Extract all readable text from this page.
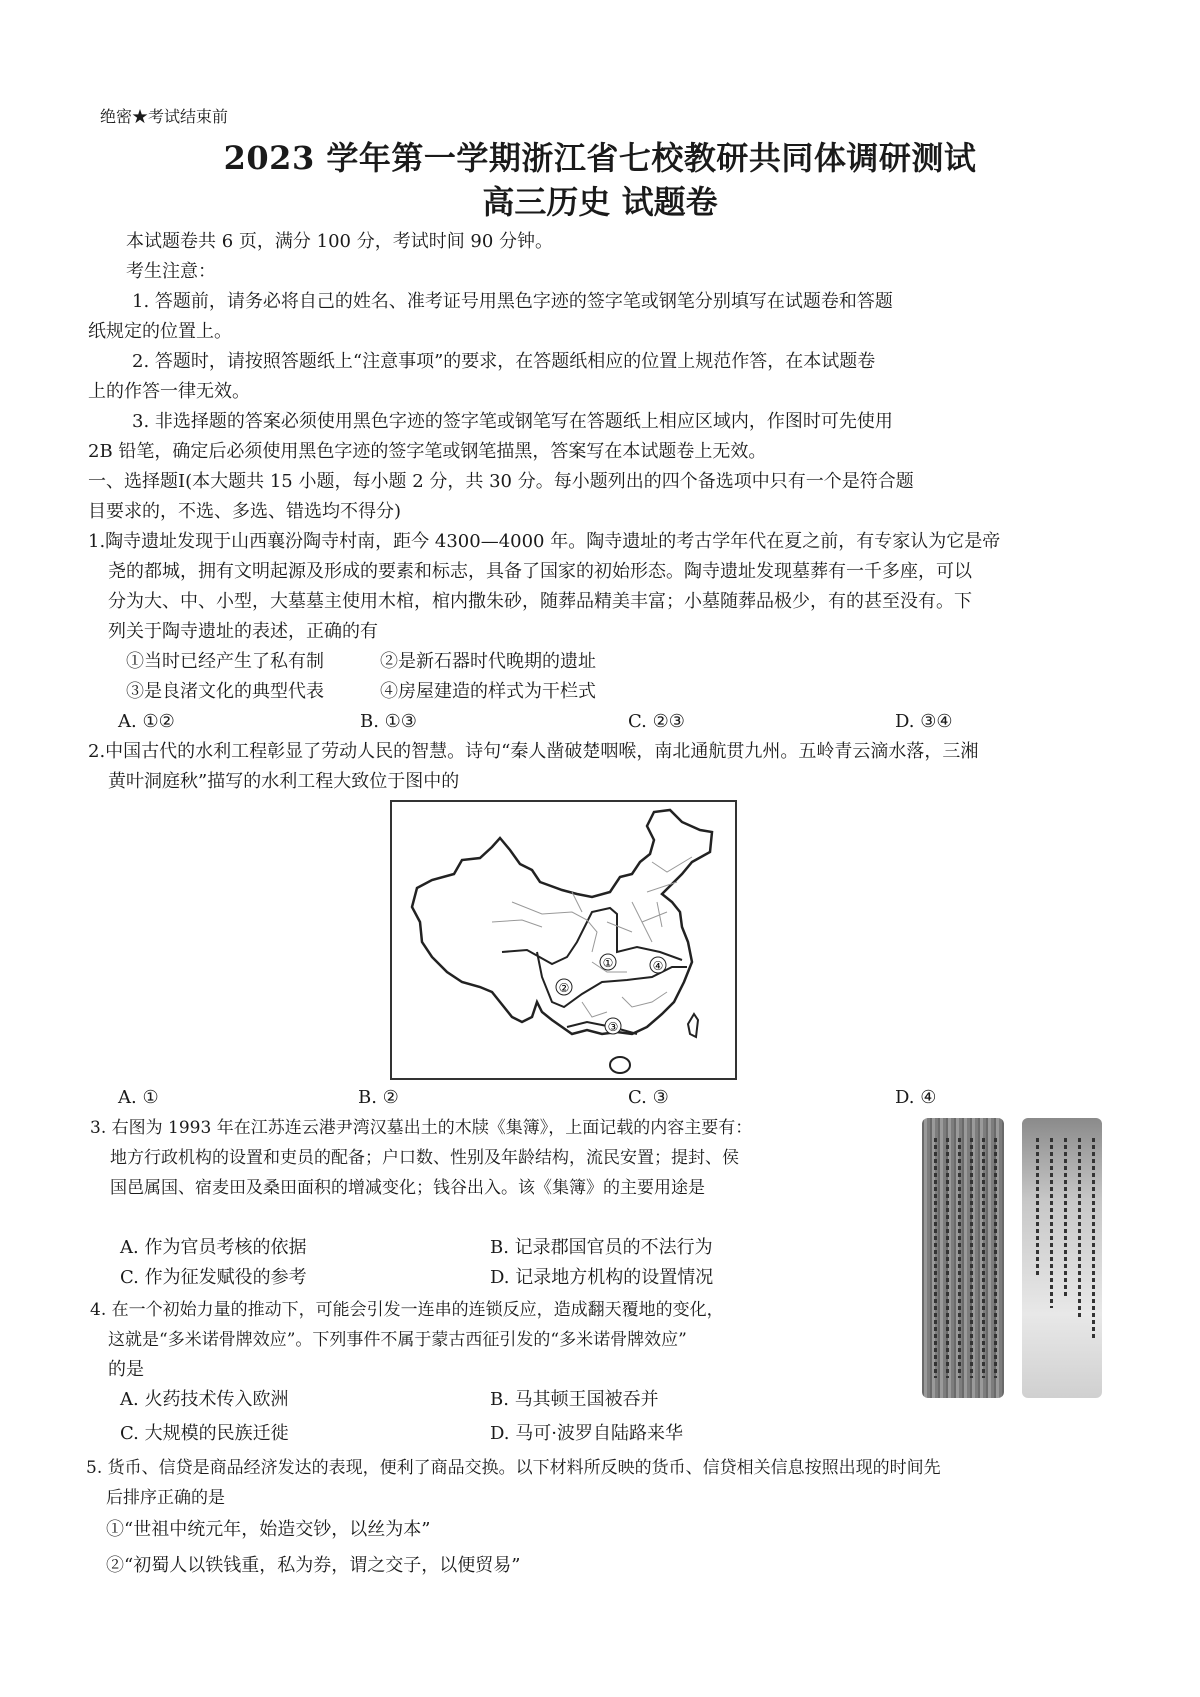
绝密★考试结束前
2023 学年第一学期浙江省七校教研共同体调研测试
高三历史 试题卷
本试题卷共 6 页，满分 100 分，考试时间 90 分钟。
考生注意：
1. 答题前，请务必将自己的姓名、准考证号用黑色字迹的签字笔或钢笔分别填写在试题卷和答题
纸规定的位置上。
2. 答题时，请按照答题纸上“注意事项”的要求，在答题纸相应的位置上规范作答，在本试题卷
上的作答一律无效。
3. 非选择题的答案必须使用黑色字迹的签字笔或钢笔写在答题纸上相应区域内，作图时可先使用
2B 铅笔，确定后必须使用黑色字迹的签字笔或钢笔描黑，答案写在本试题卷上无效。
一、选择题Ⅰ(本大题共 15 小题，每小题 2 分，共 30 分。每小题列出的四个备选项中只有一个是符合题
目要求的，不选、多选、错选均不得分)
1.陶寺遗址发现于山西襄汾陶寺村南，距今 4300—4000 年。陶寺遗址的考古学年代在夏之前，有专家认为它是帝
尧的都城，拥有文明起源及形成的要素和标志，具备了国家的初始形态。陶寺遗址发现墓葬有一千多座，可以
分为大、中、小型，大墓墓主使用木棺，棺内撒朱砂，随葬品精美丰富；小墓随葬品极少，有的甚至没有。下
列关于陶寺遗址的表述，正确的有
①当时已经产生了私有制	②是新石器时代晚期的遗址
③是良渚文化的典型代表	④房屋建造的样式为干栏式
A. ①②	B. ①③	C. ②③	D. ③④
2.中国古代的水利工程彰显了劳动人民的智慧。诗句“秦人凿破楚咽喉，南北通航贯九州。五岭青云滴水落，三湘
黄叶洞庭秋”描写的水利工程大致位于图中的
①
②
③
④
A. ①	B. ②	C. ③	D. ④
3. 右图为 1993 年在江苏连云港尹湾汉墓出土的木牍《集簿》，上面记载的内容主要有：
地方行政机构的设置和吏员的配备；户口数、性别及年龄结构，流民安置；提封、侯
国邑属国、宿麦田及桑田面积的增减变化；钱谷出入。该《集簿》的主要用途是
A. 作为官员考核的依据	B. 记录郡国官员的不法行为
C. 作为征发赋役的参考	D. 记录地方机构的设置情况
4. 在一个初始力量的推动下，可能会引发一连串的连锁反应，造成翻天覆地的变化，
这就是“多米诺骨牌效应”。下列事件不属于蒙古西征引发的“多米诺骨牌效应”
的是
A. 火药技术传入欧洲	B. 马其顿王国被吞并
C. 大规模的民族迁徙	D. 马可·波罗自陆路来华
5. 货币、信贷是商品经济发达的表现，便利了商品交换。以下材料所反映的货币、信贷相关信息按照出现的时间先
后排序正确的是
①“世祖中统元年，始造交钞，以丝为本”
②“初蜀人以铁钱重，私为券，谓之交子，以便贸易”
